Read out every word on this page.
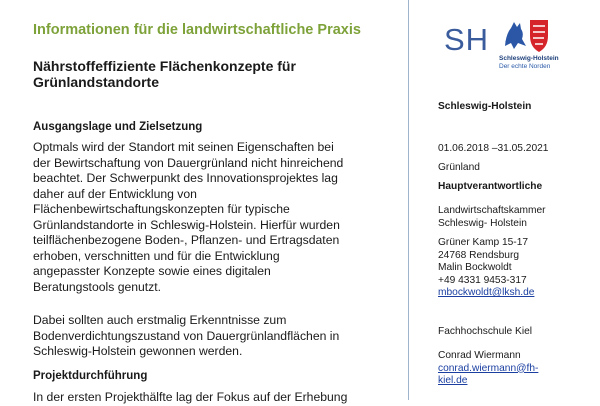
Informationen für die landwirtschaftliche Praxis
Nährstoffeffiziente Flächenkonzepte für
Grünlandstandorte
Ausgangslage und Zielsetzung
Optmals wird der Standort mit seinen Eigenschaften bei
der Bewirtschaftung von Dauergrünland nicht hinreichend
beachtet. Der Schwerpunkt des Innovationsprojektes lag
daher auf der Entwicklung von
Flächenbewirtschaftungskonzepten für typische
Grünlandstandorte in Schleswig-Holstein. Hierfür wurden
teilflächenbezogene Boden-, Pflanzen- und Ertragsdaten
erhoben, verschnitten und für die Entwicklung
angepasster Konzepte sowie eines digitalen
Beratungstools genutzt.
Dabei sollten auch erstmalig Erkenntnisse zum
Bodenverdichtungszustand von Dauergrünlandflächen in
Schleswig-Holstein gewonnen werden.
Projektdurchführung
In der ersten Projekthälfte lag der Fokus auf der Erhebung
SH
Schleswig-Holstein
Der echte Norden
Schleswig-Holstein
01.06.2018 –31.05.2021
Grünland
Hauptverantwortliche
Landwirtschaftskammer
Schleswig- Holstein
Grüner Kamp 15-17
24768 Rendsburg
Malin Bockwoldt
+49 4331 9453-317
mbockwoldt@lksh.de
Fachhochschule Kiel
Conrad Wiermann
conrad.wiermann@fh-
kiel.de
